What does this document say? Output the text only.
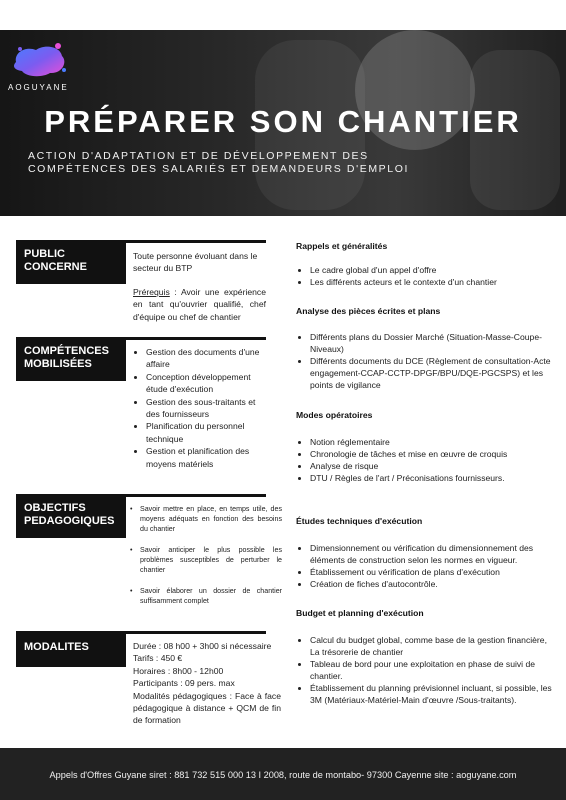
AOGUYANE
PRÉPARER SON CHANTIER
ACTION D'ADAPTATION ET DE DÉVELOPPEMENT DES
COMPÉTENCES DES SALARIÉS ET DEMANDEURS D'EMPLOI
PUBLIC
CONCERNE
Toute personne évoluant dans le secteur du BTP
Prérequis : Avoir une expérience en tant qu'ouvrier qualifié, chef d'équipe ou chef de chantier
COMPÉTENCES
MOBILISÉES
• Gestion des documents d'une affaire
• Conception développement étude d'exécution
• Gestion des sous-traitants et des fournisseurs
• Planification du personnel technique
• Gestion et planification des moyens matériels
OBJECTIFS
PEDAGOGIQUES

• Savoir mettre en place, en temps utile, des moyens adéquats en fonction des besoins du chantier

• Savoir anticiper le plus possible les problèmes susceptibles de perturber le chantier

• Savoir élaborer un dossier de chantier suffisamment complet

MODALITES	Durée : 08 h00 + 3h00 si nécessaire
Tarifs : 450 €
Horaires : 8h00 - 12h00
Participants : 09 pers. max
Modalités pédagogiques : Face à face pédagogique à distance + QCM de fin de formation
Rappels et généralités
• Le cadre global d'un appel d'offre
• Les différents acteurs et le contexte d'un chantier
Analyse des pièces écrites et plans
• Différents plans du Dossier Marché (Situation-Masse-Coupe-Niveaux)
• Différents documents du DCE (Règlement de consultation-Acte engagement-CCAP-CCTP-DPGF/BPU/DQE-PGCSPS) et les points de vigilance
Modes opératoires
• Notion réglementaire
• Chronologie de tâches et mise en œuvre de croquis
• Analyse de risque
• DTU / Règles de l'art / Préconisations fournisseurs.
Études techniques d'exécution
• Dimensionnement ou vérification du dimensionnement des éléments de construction selon les normes en vigueur.
• Établissement ou vérification de plans d'exécution
• Création de fiches d'autocontrôle.
Budget et planning d'exécution
• Calcul du budget global, comme base de la gestion financière, La trésorerie de chantier
• Tableau de bord pour une exploitation en phase de suivi de chantier.
• Établissement du planning prévisionnel incluant, si possible, les 3M (Matériaux-Matériel-Main d'œuvre /Sous-traitants).
Appels d'Offres Guyane siret : 881 732 515 000 13 I 2008, route de montabo- 97300 Cayenne site : aoguyane.com
